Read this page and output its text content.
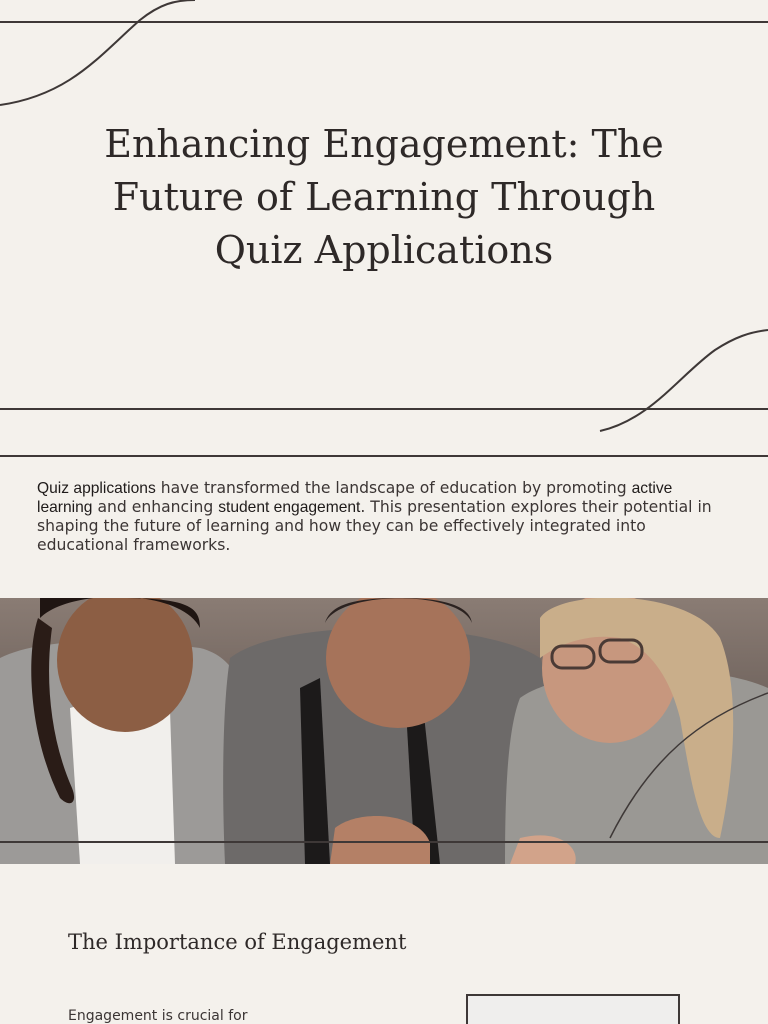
Enhancing Engagement: The Future of Learning Through Quiz Applications

Quiz applications have transformed the landscape of education by promoting active learning and enhancing student engagement. This presentation explores their potential in shaping the future of learning and how they can be effectively integrated into educational frameworks.

The Importance of Engagement

Engagement is crucial for
